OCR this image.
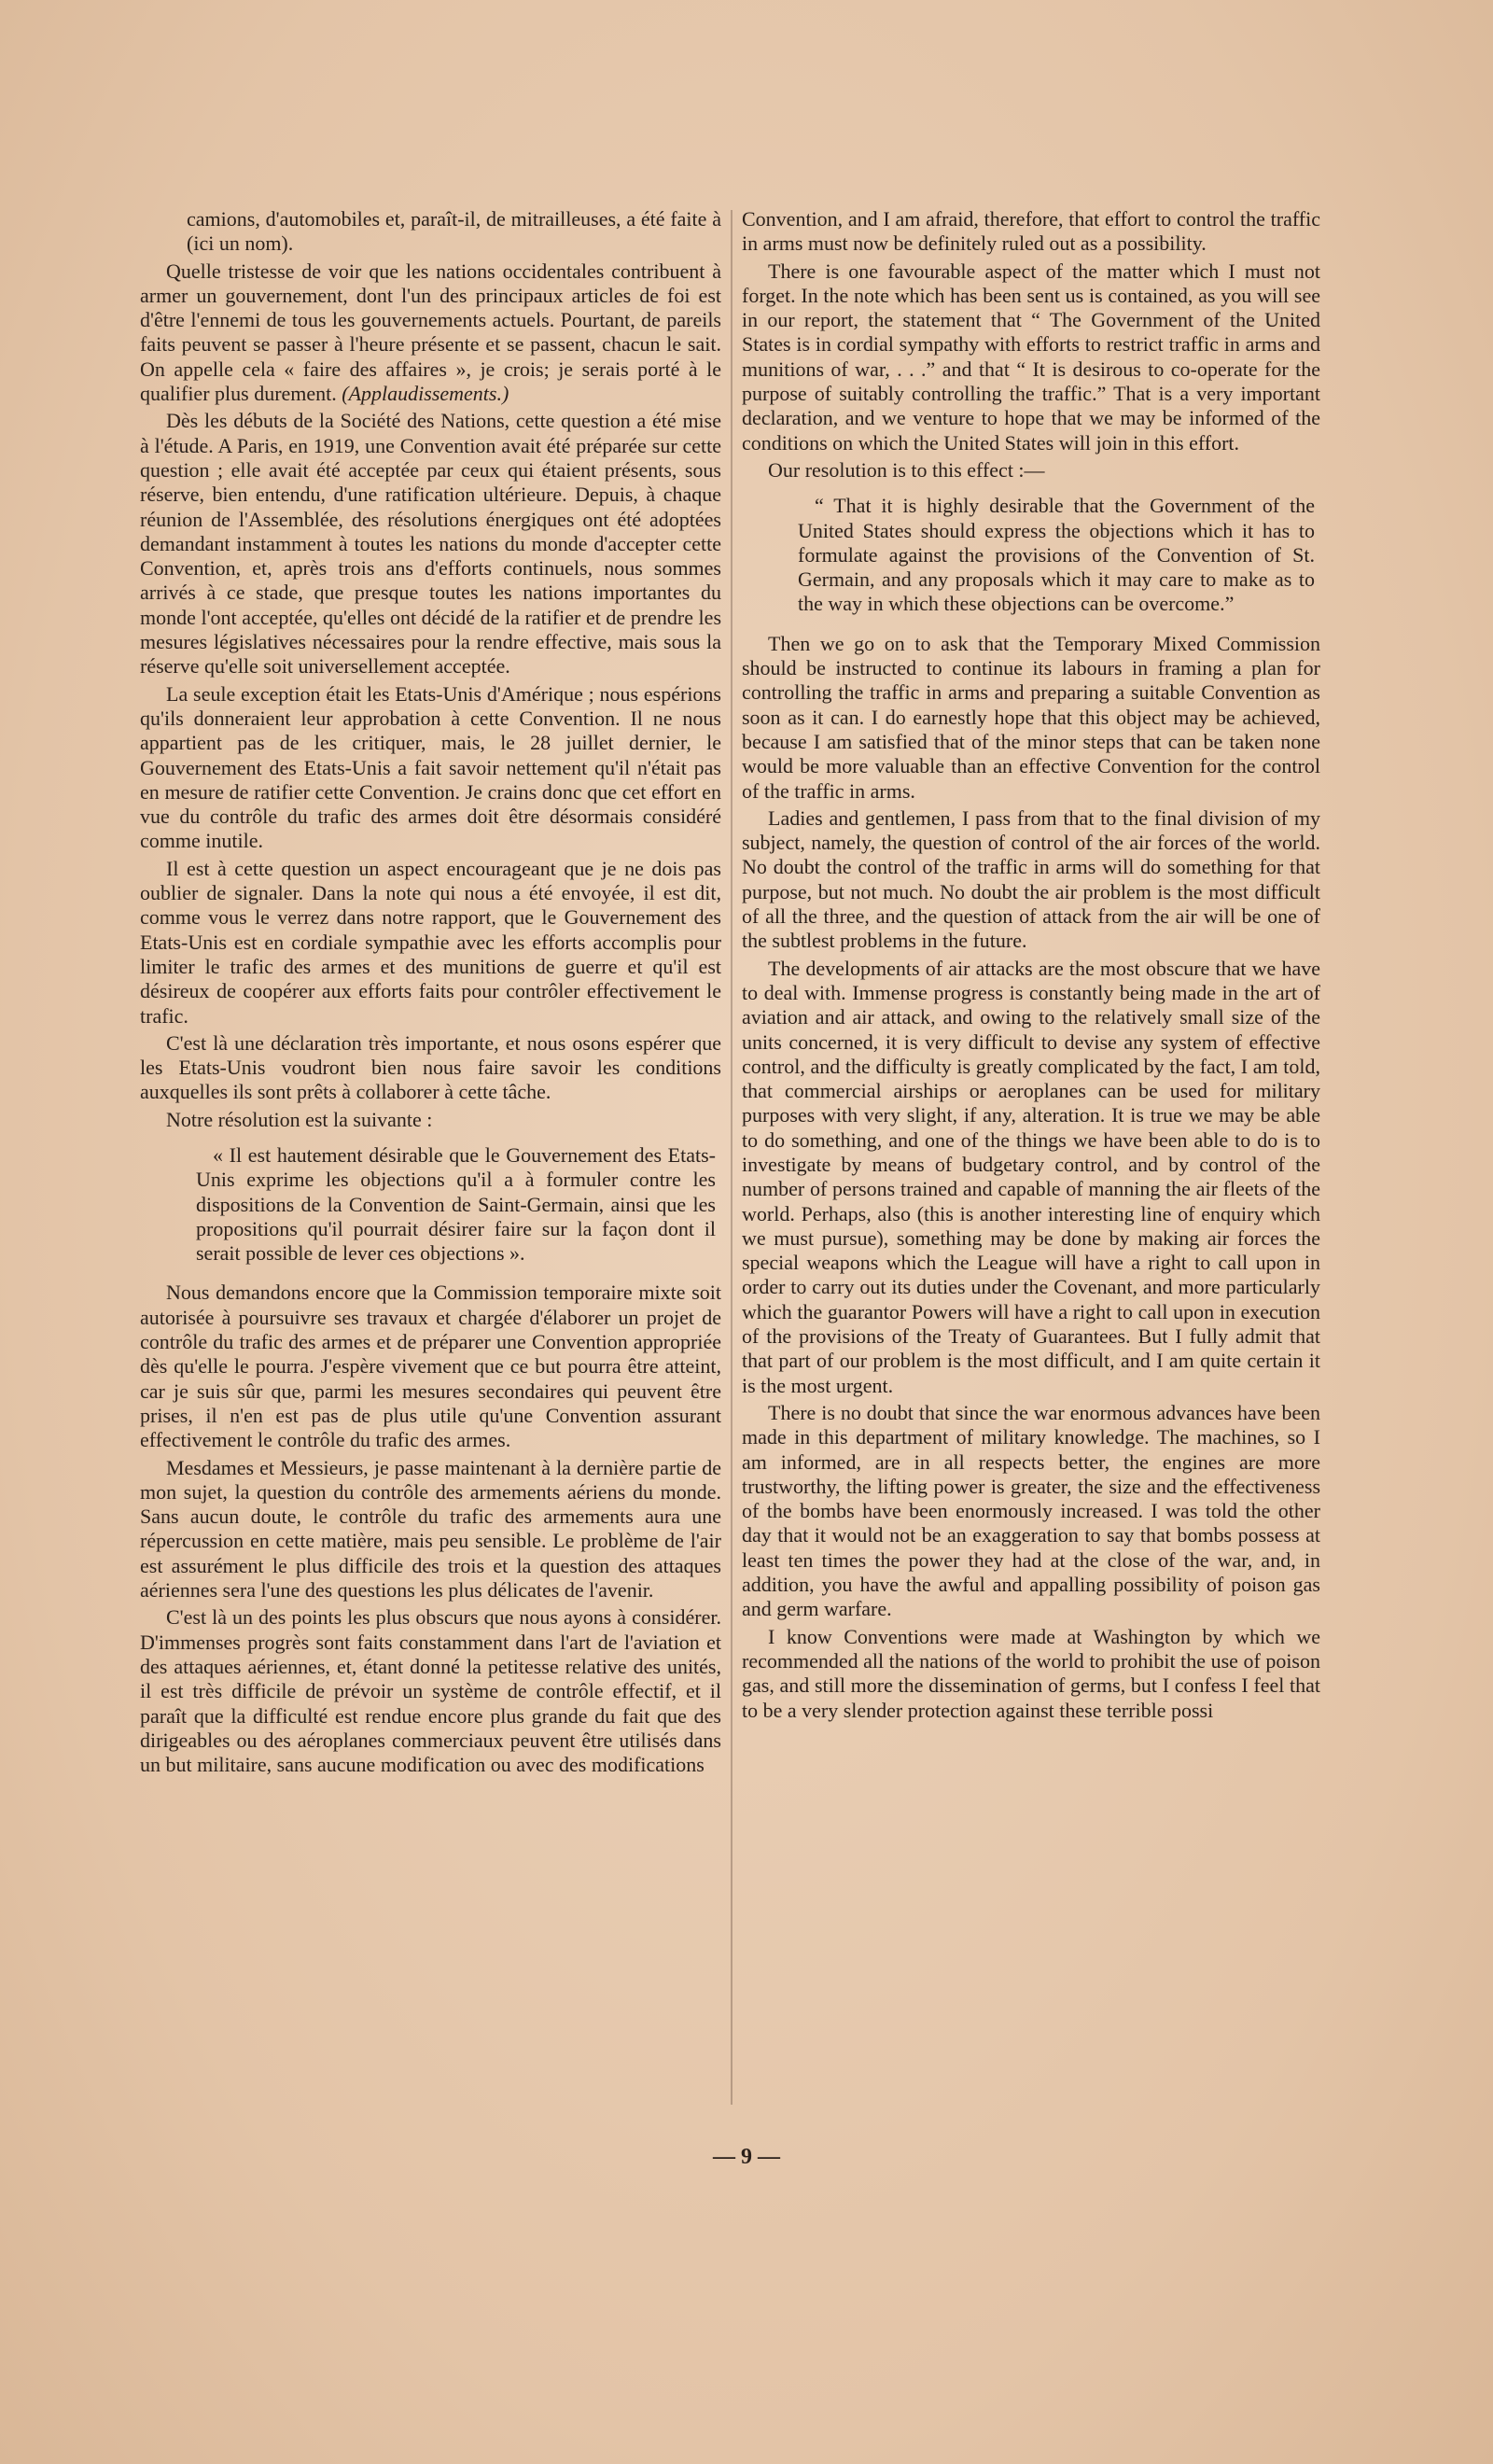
camions, d'automobiles et, paraît-il, de mitrailleuses, a été faite à (ici un nom).

Quelle tristesse de voir que les nations occidentales contribuent à armer un gouvernement, dont l'un des principaux articles de foi est d'être l'ennemi de tous les gouvernements actuels. Pourtant, de pareils faits peuvent se passer à l'heure présente et se passent, chacun le sait. On appelle cela « faire des affaires », je crois; je serais porté à le qualifier plus durement. (Applaudissements.)

Dès les débuts de la Société des Nations, cette question a été mise à l'étude. A Paris, en 1919, une Convention avait été préparée sur cette question ; elle avait été acceptée par ceux qui étaient présents, sous réserve, bien entendu, d'une ratification ultérieure. Depuis, à chaque réunion de l'Assemblée, des résolutions énergiques ont été adoptées demandant instamment à toutes les nations du monde d'accepter cette Convention, et, après trois ans d'efforts continuels, nous sommes arrivés à ce stade, que presque toutes les nations importantes du monde l'ont acceptée, qu'elles ont décidé de la ratifier et de prendre les mesures législatives nécessaires pour la rendre effective, mais sous la réserve qu'elle soit universellement acceptée.

La seule exception était les Etats-Unis d'Amérique ; nous espérions qu'ils donneraient leur approbation à cette Convention. Il ne nous appartient pas de les critiquer, mais, le 28 juillet dernier, le Gouvernement des Etats-Unis a fait savoir nettement qu'il n'était pas en mesure de ratifier cette Convention. Je crains donc que cet effort en vue du contrôle du trafic des armes doit être désormais considéré comme inutile.

Il est à cette question un aspect encourageant que je ne dois pas oublier de signaler. Dans la note qui nous a été envoyée, il est dit, comme vous le verrez dans notre rapport, que le Gouvernement des Etats-Unis est en cordiale sympathie avec les efforts accomplis pour limiter le trafic des armes et des munitions de guerre et qu'il est désireux de coopérer aux efforts faits pour contrôler effectivement le trafic.

C'est là une déclaration très importante, et nous osons espérer que les Etats-Unis voudront bien nous faire savoir les conditions auxquelles ils sont prêts à collaborer à cette tâche.

Notre résolution est la suivante :

« Il est hautement désirable que le Gouvernement des Etats-Unis exprime les objections qu'il a à formuler contre les dispositions de la Convention de Saint-Germain, ainsi que les propositions qu'il pourrait désirer faire sur la façon dont il serait possible de lever ces objections ».

Nous demandons encore que la Commission temporaire mixte soit autorisée à poursuivre ses travaux et chargée d'élaborer un projet de contrôle du trafic des armes et de préparer une Convention appropriée dès qu'elle le pourra. J'espère vivement que ce but pourra être atteint, car je suis sûr que, parmi les mesures secondaires qui peuvent être prises, il n'en est pas de plus utile qu'une Convention assurant effectivement le contrôle du trafic des armes.

Mesdames et Messieurs, je passe maintenant à la dernière partie de mon sujet, la question du contrôle des armements aériens du monde. Sans aucun doute, le contrôle du trafic des armements aura une répercussion en cette matière, mais peu sensible. Le problème de l'air est assurément le plus difficile des trois et la question des attaques aériennes sera l'une des questions les plus délicates de l'avenir.

C'est là un des points les plus obscurs que nous ayons à considérer. D'immenses progrès sont faits constamment dans l'art de l'aviation et des attaques aériennes, et, étant donné la petitesse relative des unités, il est très difficile de prévoir un système de contrôle effectif, et il paraît que la difficulté est rendue encore plus grande du fait que des dirigeables ou des aéroplanes commerciaux peuvent être utilisés dans un but militaire, sans aucune modification ou avec des modifications

Convention, and I am afraid, therefore, that effort to control the traffic in arms must now be definitely ruled out as a possibility.

There is one favourable aspect of the matter which I must not forget. In the note which has been sent us is contained, as you will see in our report, the statement that “ The Government of the United States is in cordial sympathy with efforts to restrict traffic in arms and munitions of war, . . .” and that “ It is desirous to co-operate for the purpose of suitably controlling the traffic.” That is a very important declaration, and we venture to hope that we may be informed of the conditions on which the United States will join in this effort.

Our resolution is to this effect :—

“ That it is highly desirable that the Government of the United States should express the objections which it has to formulate against the provisions of the Convention of St. Germain, and any proposals which it may care to make as to the way in which these objections can be overcome.”

Then we go on to ask that the Temporary Mixed Commission should be instructed to continue its labours in framing a plan for controlling the traffic in arms and preparing a suitable Convention as soon as it can. I do earnestly hope that this object may be achieved, because I am satisfied that of the minor steps that can be taken none would be more valuable than an effective Convention for the control of the traffic in arms.

Ladies and gentlemen, I pass from that to the final division of my subject, namely, the question of control of the air forces of the world. No doubt the control of the traffic in arms will do something for that purpose, but not much. No doubt the air problem is the most difficult of all the three, and the question of attack from the air will be one of the subtlest problems in the future.

The developments of air attacks are the most obscure that we have to deal with. Immense progress is constantly being made in the art of aviation and air attack, and owing to the relatively small size of the units concerned, it is very difficult to devise any system of effective control, and the difficulty is greatly complicated by the fact, I am told, that commercial airships or aeroplanes can be used for military purposes with very slight, if any, alteration. It is true we may be able to do something, and one of the things we have been able to do is to investigate by means of budgetary control, and by control of the number of persons trained and capable of manning the air fleets of the world. Perhaps, also (this is another interesting line of enquiry which we must pursue), something may be done by making air forces the special weapons which the League will have a right to call upon in order to carry out its duties under the Covenant, and more particularly which the guarantor Powers will have a right to call upon in execution of the provisions of the Treaty of Guarantees. But I fully admit that that part of our problem is the most difficult, and I am quite certain it is the most urgent.

There is no doubt that since the war enormous advances have been made in this department of military knowledge. The machines, so I am informed, are in all respects better, the engines are more trustworthy, the lifting power is greater, the size and the effectiveness of the bombs have been enormously increased. I was told the other day that it would not be an exaggeration to say that bombs possess at least ten times the power they had at the close of the war, and, in addition, you have the awful and appalling possibility of poison gas and germ warfare.

I know Conventions were made at Washington by which we recommended all the nations of the world to prohibit the use of poison gas, and still more the dissemination of germs, but I confess I feel that to be a very slender protection against these terrible possi

— 9 —
